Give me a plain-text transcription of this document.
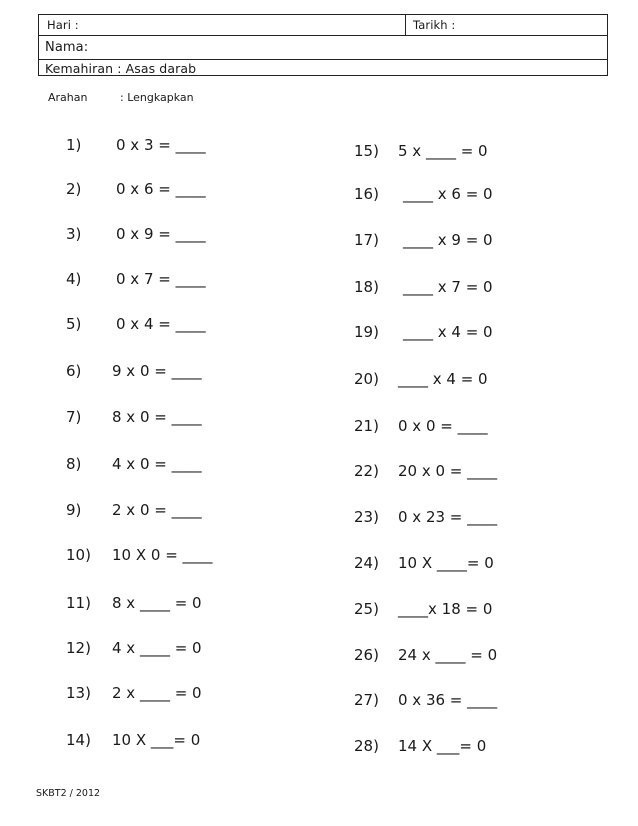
Hari :	Tarikh :
Nama:
Kemahiran : Asas darab
Arahan	: Lengkapkan
1) 0 x 3 = ____
2) 0 x 6 = ____
3) 0 x 9 = ____
4) 0 x 7 = ____
5) 0 x 4 = ____
6) 9 x 0 = ____
7) 8 x 0 = ____
8) 4 x 0 = ____
9) 2 x 0 = ____
10) 10 X 0 = ____
11) 8 x ____ = 0
12) 4 x ____ = 0
13) 2 x ____ = 0
14) 10 X ___= 0
15) 5 x ____ = 0
16) ____ x 6 = 0
17) ____ x 9 = 0
18) ____ x 7 = 0
19) ____ x 4 = 0
20) ____ x 4 = 0
21) 0 x 0 = ____
22) 20 x 0 = ____
23) 0 x 23 = ____
24) 10 X ____= 0
25) ____x 18 = 0
26) 24 x ____ = 0
27) 0 x 36 = ____
28) 14 X ___= 0
SKBT2 / 2012
